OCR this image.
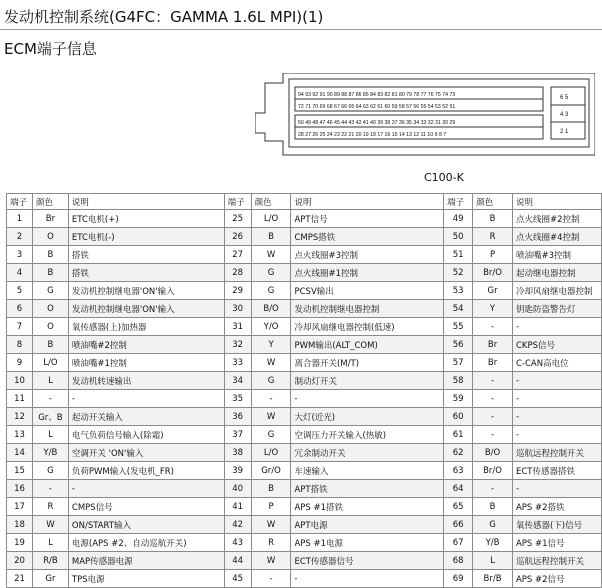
发动机控制系统(G4FC：GAMMA 1.6L MPI)(1)
ECM端子信息
94 93 92 91 90 89 88 87 86 85 84 83 82 81 80 79 78 77 76 75 74 73
72 71 70 69 68 67 66 65 64 63 62 61 60 59 58 57 56 55 54 53 52 51
50 49 48 47 46 45 44 43 42 41 40 39 38 37 36 35 34 33 32 31 30 29
28 27 26 25 24 23 22 21 20 19 18 17 16 15 14 13 12 11 10 9 8 7
6 5
4 3
2 1
C100-K
端子	颜色	说明	端子	颜色	说明	端子	颜色	说明
1	Br	ETC电机(+)	25	L/O	APT信号	49	B	点火线圈#2控制
2	O	ETC电机(-)	26	B	CMPS搭铁	50	R	点火线圈#4控制
3	B	搭铁	27	W	点火线圈#3控制	51	P	喷油嘴#3控制
4	B	搭铁	28	G	点火线圈#1控制	52	Br/O	起动继电器控制
5	G	发动机控制继电器'ON'输入	29	G	PCSV输出	53	Gr	冷却风扇继电器控制
6	O	发动机控制继电器'ON'输入	30	B/O	发动机控制继电器控制	54	Y	钥匙防盗警告灯
7	O	氧传感器(上)加热器	31	Y/O	冷却风扇继电器控制(低速)	55	-	-
8	B	喷油嘴#2控制	32	Y	PWM输出(ALT_COM)	56	Br	CKPS信号
9	L/O	喷油嘴#1控制	33	W	离合器开关(M/T)	57	Br	C-CAN高电位
10	L	发动机转速输出	34	G	制动灯开关	58	-	-
11	-	-	35	-	-	59	-	-
12	Gr、B	起动开关输入	36	W	大灯(近光)	60	-	-
13	L	电气负荷信号输入(除霜)	37	G	空调压力开关输入(热敏)	61	-	-
14	Y/B	空调开关 'ON'输入	38	L/O	冗余制动开关	62	B/O	巡航远程控制开关
15	G	负荷PWM输入(发电机_FR)	39	Gr/O	车速输入	63	Br/O	ECT传感器搭铁
16	-	-	40	B	APT搭铁	64	-	-
17	R	CMPS信号	41	P	APS #1搭铁	65	B	APS #2搭铁
18	W	ON/START输入	42	W	APT电源	66	G	氧传感器(下)信号
19	L	电源(APS #2、自动巡航开关)	43	R	APS #1电源	67	Y/B	APS #1信号
20	R/B	MAP传感器电源	44	W	ECT传感器信号	68	L	巡航远程控制开关
21	Gr	TPS电源	45	-	-	69	Br/B	APS #2信号
